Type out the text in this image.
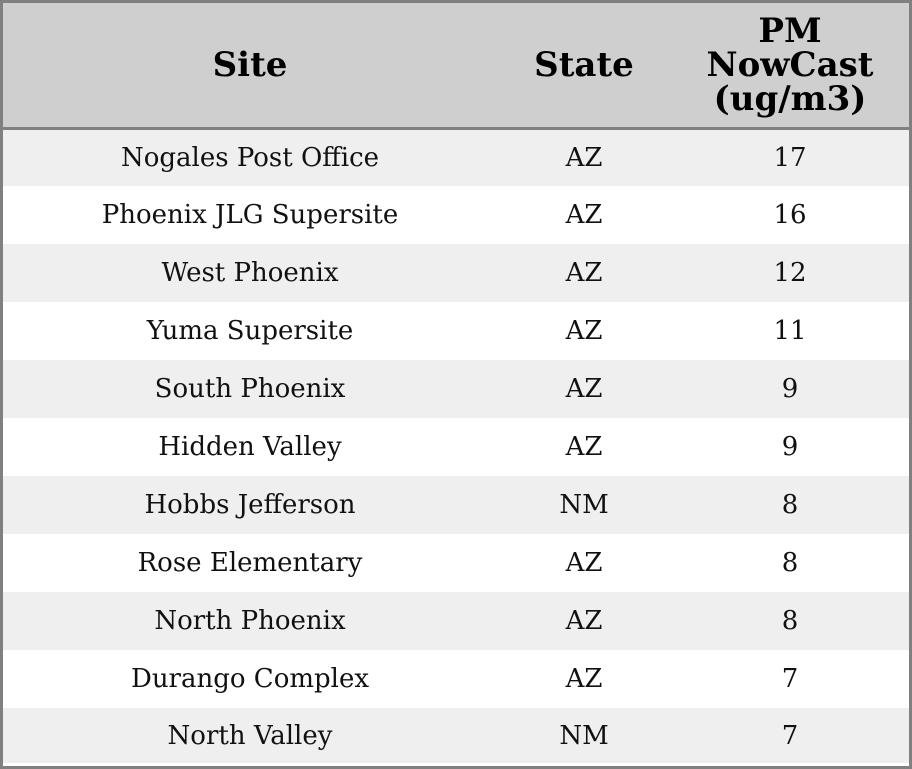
Site	State	PM
NowCast
(ug/m3)
Nogales Post Office	AZ	17
Phoenix JLG Supersite	AZ	16
West Phoenix	AZ	12
Yuma Supersite	AZ	11
South Phoenix	AZ	9
Hidden Valley	AZ	9
Hobbs Jefferson	NM	8
Rose Elementary	AZ	8
North Phoenix	AZ	8
Durango Complex	AZ	7
North Valley	NM	7
